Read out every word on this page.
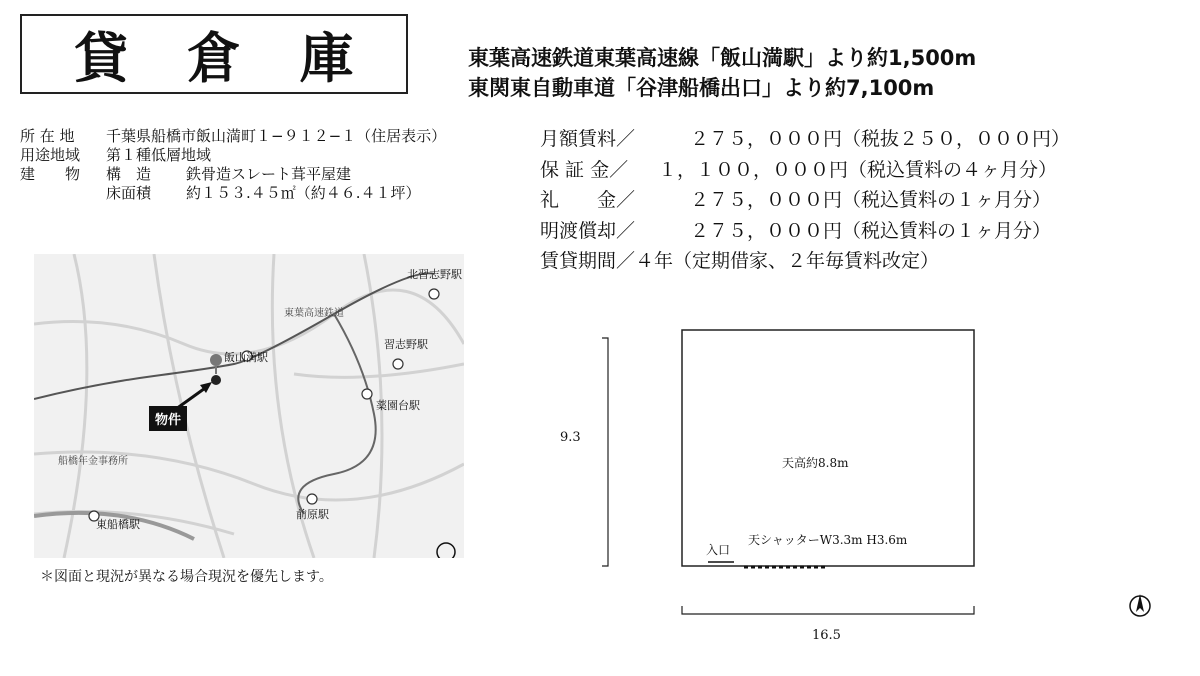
貸 倉 庫	東葉高速鉄道東葉高速線「飯山満駅」より約1,500m
東関東自動車道「谷津船橋出口」より約7,100m
所 在 地	千葉県船橋市飯山満町１−９１２−１（住居表示）	
用途地域	第１種低層地域	
建　　物	構　造	鉄骨造スレート葺平屋建
	床面積	約１５３.４５㎡（約４６.４１坪）
月額賃料／	２７５，０００円（税抜２５０，０００円）
保 証 金／ １，１００，０００円（税込賃料の４ヶ月分）
礼　　金／	２７５，０００円（税込賃料の１ヶ月分）
明渡償却／	２７５，０００円（税込賃料の１ヶ月分）
賃貸期間／４年（定期借家、２年毎賃料改定）
物件
北習志野駅
飯山満駅
習志野駅
薬園台駅
前原駅
東船橋駅
東葉高速鉄道
船橋年金事務所
＊図面と現況が異なる場合現況を優先します。
9.3
16.5
天高約8.8m
天シャッターW3.3m H3.6m
入口
